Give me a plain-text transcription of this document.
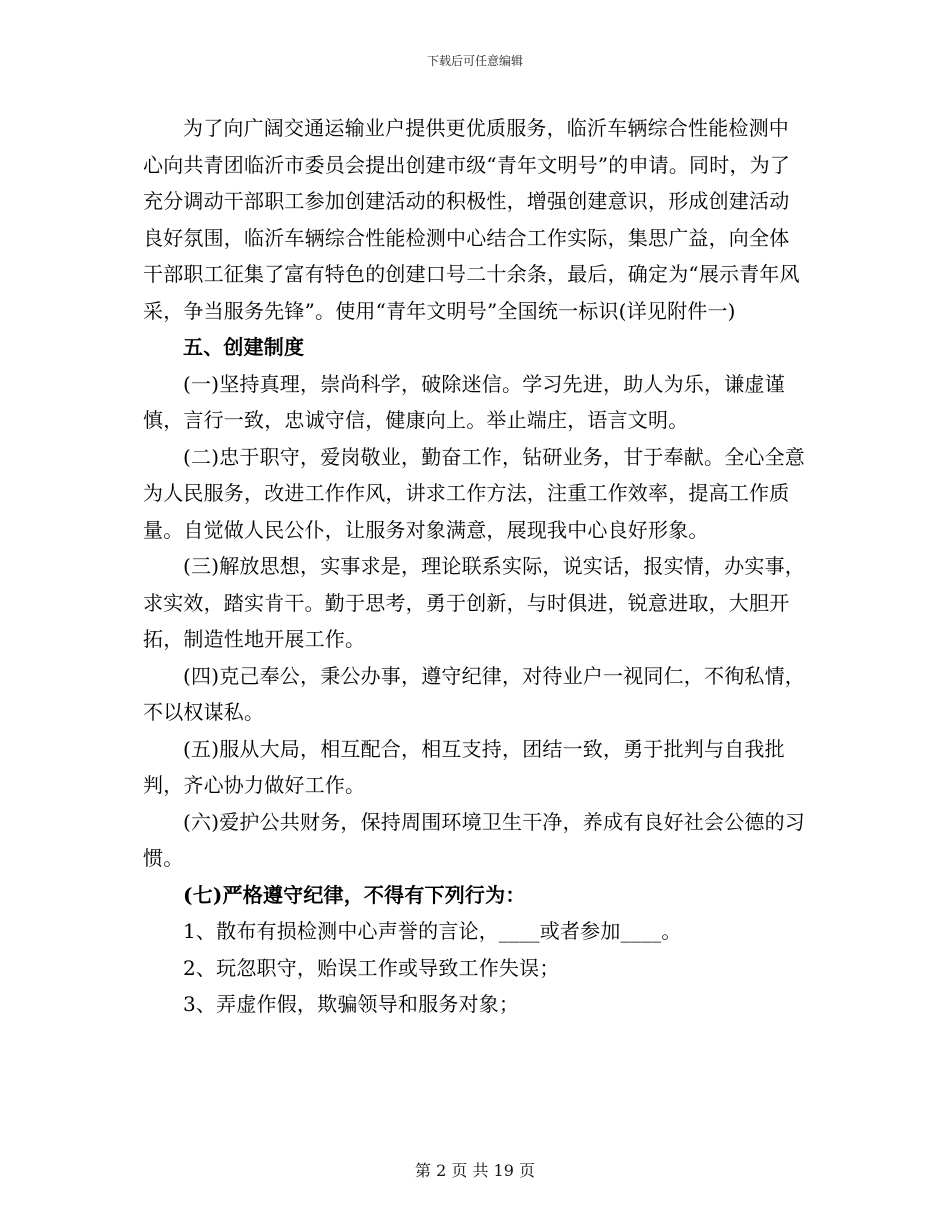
下载后可任意编辑

为了向广阔交通运输业户提供更优质服务，临沂车辆综合性能检测中心向共青团临沂市委员会提出创建市级“青年文明号”的申请。同时，为了充分调动干部职工参加创建活动的积极性，增强创建意识，形成创建活动良好氛围，临沂车辆综合性能检测中心结合工作实际，集思广益，向全体干部职工征集了富有特色的创建口号二十余条，最后，确定为“展示青年风采，争当服务先锋”。使用“青年文明号”全国统一标识(详见附件一)

五、创建制度

(一)坚持真理，崇尚科学，破除迷信。学习先进，助人为乐，谦虚谨慎，言行一致，忠诚守信，健康向上。举止端庄，语言文明。

(二)忠于职守，爱岗敬业，勤奋工作，钻研业务，甘于奉献。全心全意为人民服务，改进工作作风，讲求工作方法，注重工作效率，提高工作质量。自觉做人民公仆，让服务对象满意，展现我中心良好形象。

(三)解放思想，实事求是，理论联系实际，说实话，报实情，办实事，求实效，踏实肯干。勤于思考，勇于创新，与时俱进，锐意进取，大胆开拓，制造性地开展工作。

(四)克己奉公，秉公办事，遵守纪律，对待业户一视同仁，不徇私情，不以权谋私。

(五)服从大局，相互配合，相互支持，团结一致，勇于批判与自我批判，齐心协力做好工作。

(六)爱护公共财务，保持周围环境卫生干净，养成有良好社会公德的习惯。

(七)严格遵守纪律，不得有下列行为：

1、散布有损检测中心声誉的言论，____或者参加____。

2、玩忽职守，贻误工作或导致工作失误；

3、弄虚作假，欺骗领导和服务对象；

第 2 页 共 19 页
